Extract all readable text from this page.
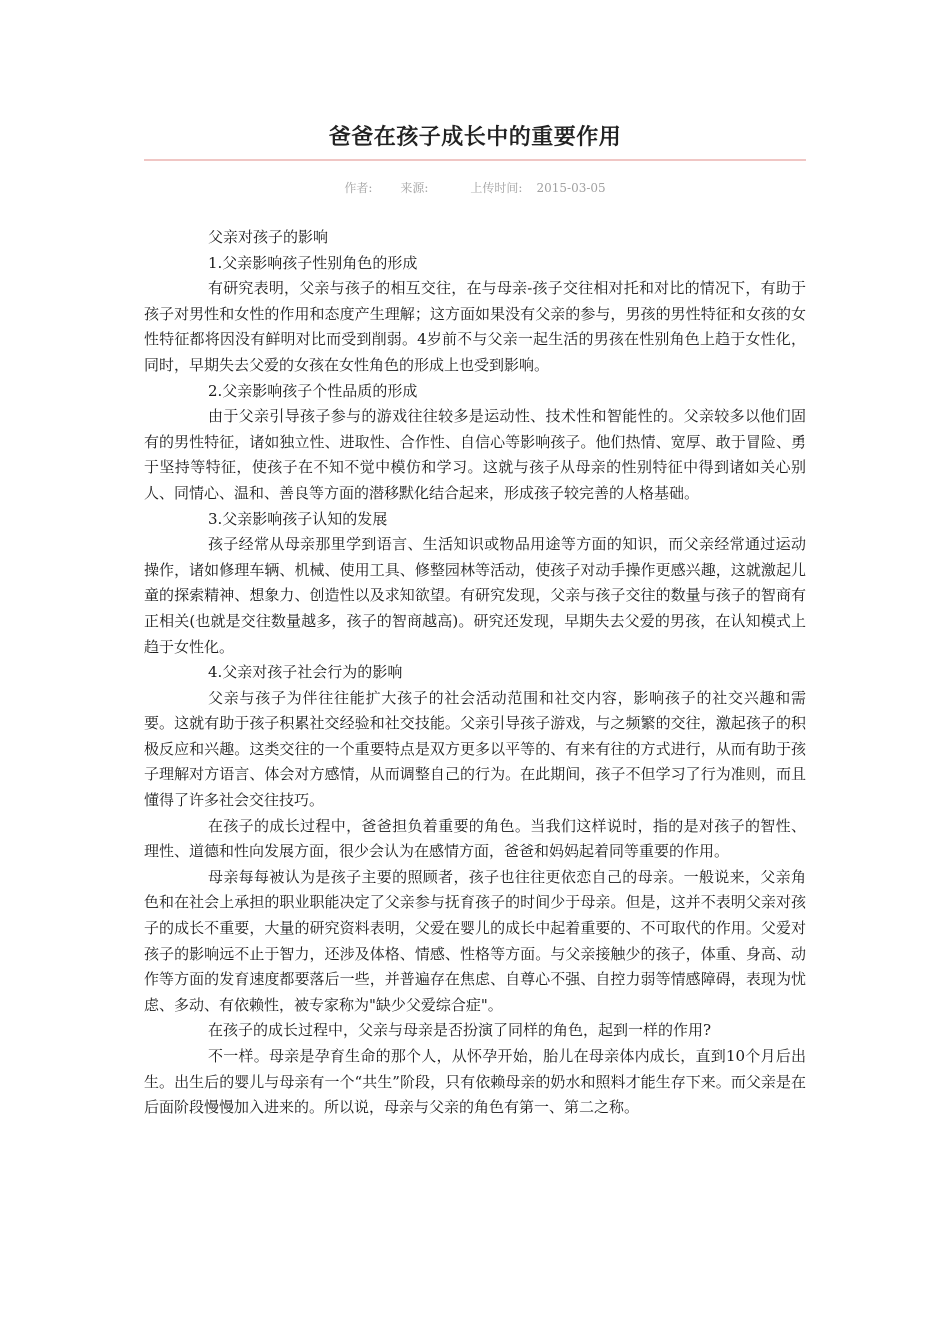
爸爸在孩子成长中的重要作用
作者: 来源:	上传时间: 2015-03-05

父亲对孩子的影响

1.父亲影响孩子性别角色的形成

有研究表明，父亲与孩子的相互交往，在与母亲-孩子交往相对托和对比的情况下，有助于孩子对男性和女性的作用和态度产生理解；这方面如果没有父亲的参与，男孩的男性特征和女孩的女性特征都将因没有鲜明对比而受到削弱。4岁前不与父亲一起生活的男孩在性别角色上趋于女性化，同时，早期失去父爱的女孩在女性角色的形成上也受到影响。

2.父亲影响孩子个性品质的形成

由于父亲引导孩子参与的游戏往往较多是运动性、技术性和智能性的。父亲较多以他们固有的男性特征，诸如独立性、进取性、合作性、自信心等影响孩子。他们热情、宽厚、敢于冒险、勇于坚持等特征，使孩子在不知不觉中模仿和学习。这就与孩子从母亲的性别特征中得到诸如关心别人、同情心、温和、善良等方面的潜移默化结合起来，形成孩子较完善的人格基础。

3.父亲影响孩子认知的发展

孩子经常从母亲那里学到语言、生活知识或物品用途等方面的知识，而父亲经常通过运动操作，诸如修理车辆、机械、使用工具、修整园林等活动，使孩子对动手操作更感兴趣，这就激起儿童的探索精神、想象力、创造性以及求知欲望。有研究发现，父亲与孩子交往的数量与孩子的智商有正相关(也就是交往数量越多，孩子的智商越高)。研究还发现，早期失去父爱的男孩，在认知模式上趋于女性化。

4.父亲对孩子社会行为的影响

父亲与孩子为伴往往能扩大孩子的社会活动范围和社交内容，影响孩子的社交兴趣和需要。这就有助于孩子积累社交经验和社交技能。父亲引导孩子游戏，与之频繁的交往，激起孩子的积极反应和兴趣。这类交往的一个重要特点是双方更多以平等的、有来有往的方式进行，从而有助于孩子理解对方语言、体会对方感情，从而调整自己的行为。在此期间，孩子不但学习了行为准则，而且懂得了许多社会交往技巧。

在孩子的成长过程中，爸爸担负着重要的角色。当我们这样说时，指的是对孩子的智性、理性、道德和性向发展方面，很少会认为在感情方面，爸爸和妈妈起着同等重要的作用。

母亲每每被认为是孩子主要的照顾者，孩子也往往更依恋自己的母亲。一般说来，父亲角色和在社会上承担的职业职能决定了父亲参与抚育孩子的时间少于母亲。但是，这并不表明父亲对孩子的成长不重要，大量的研究资料表明，父爱在婴儿的成长中起着重要的、不可取代的作用。父爱对孩子的影响远不止于智力，还涉及体格、情感、性格等方面。与父亲接触少的孩子，体重、身高、动作等方面的发育速度都要落后一些，并普遍存在焦虑、自尊心不强、自控力弱等情感障碍，表现为忧虑、多动、有依赖性，被专家称为"缺少父爱综合症"。

在孩子的成长过程中，父亲与母亲是否扮演了同样的角色，起到一样的作用?

不一样。母亲是孕育生命的那个人，从怀孕开始，胎儿在母亲体内成长，直到10个月后出生。出生后的婴儿与母亲有一个“共生”阶段，只有依赖母亲的奶水和照料才能生存下来。而父亲是在后面阶段慢慢加入进来的。所以说，母亲与父亲的角色有第一、第二之称。
